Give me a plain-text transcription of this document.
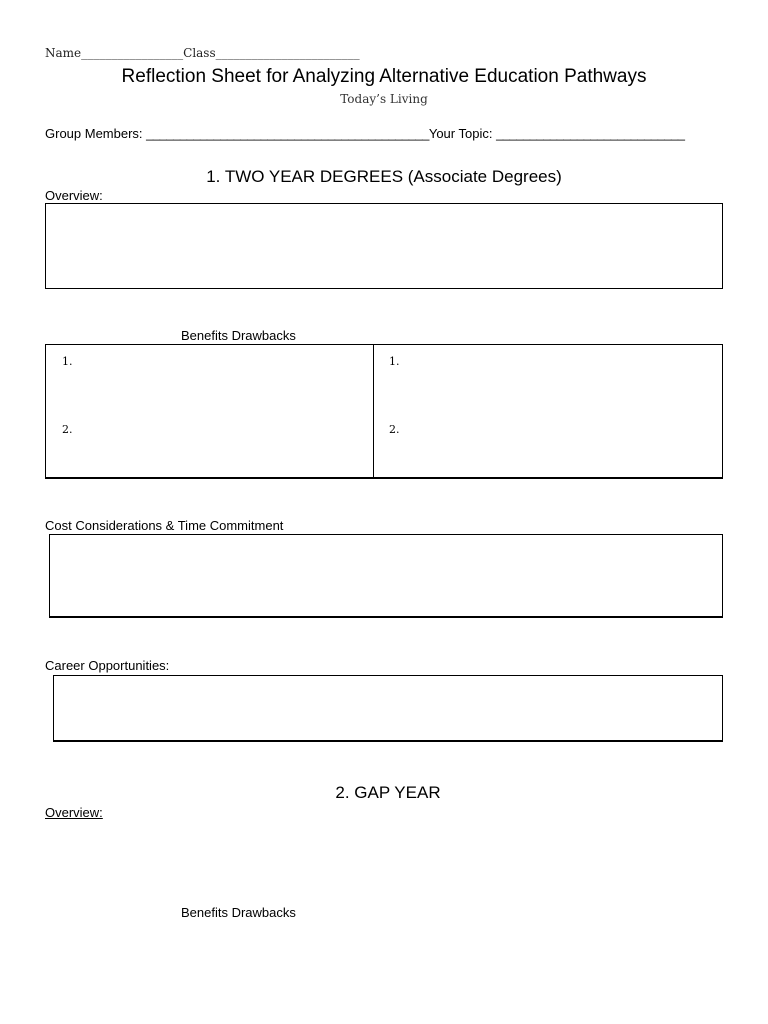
Name_________________Class________________________
Reflection Sheet for Analyzing Alternative Education Pathways
Today’s Living
Group Members: __________________________________________Your Topic: ____________________________
1. TWO YEAR DEGREES (Associate Degrees)
Overview:
Benefits Drawbacks
1.
2.
1.
2.
Cost Considerations & Time Commitment
Career Opportunities:
2. GAP YEAR
Overview:
Benefits Drawbacks
